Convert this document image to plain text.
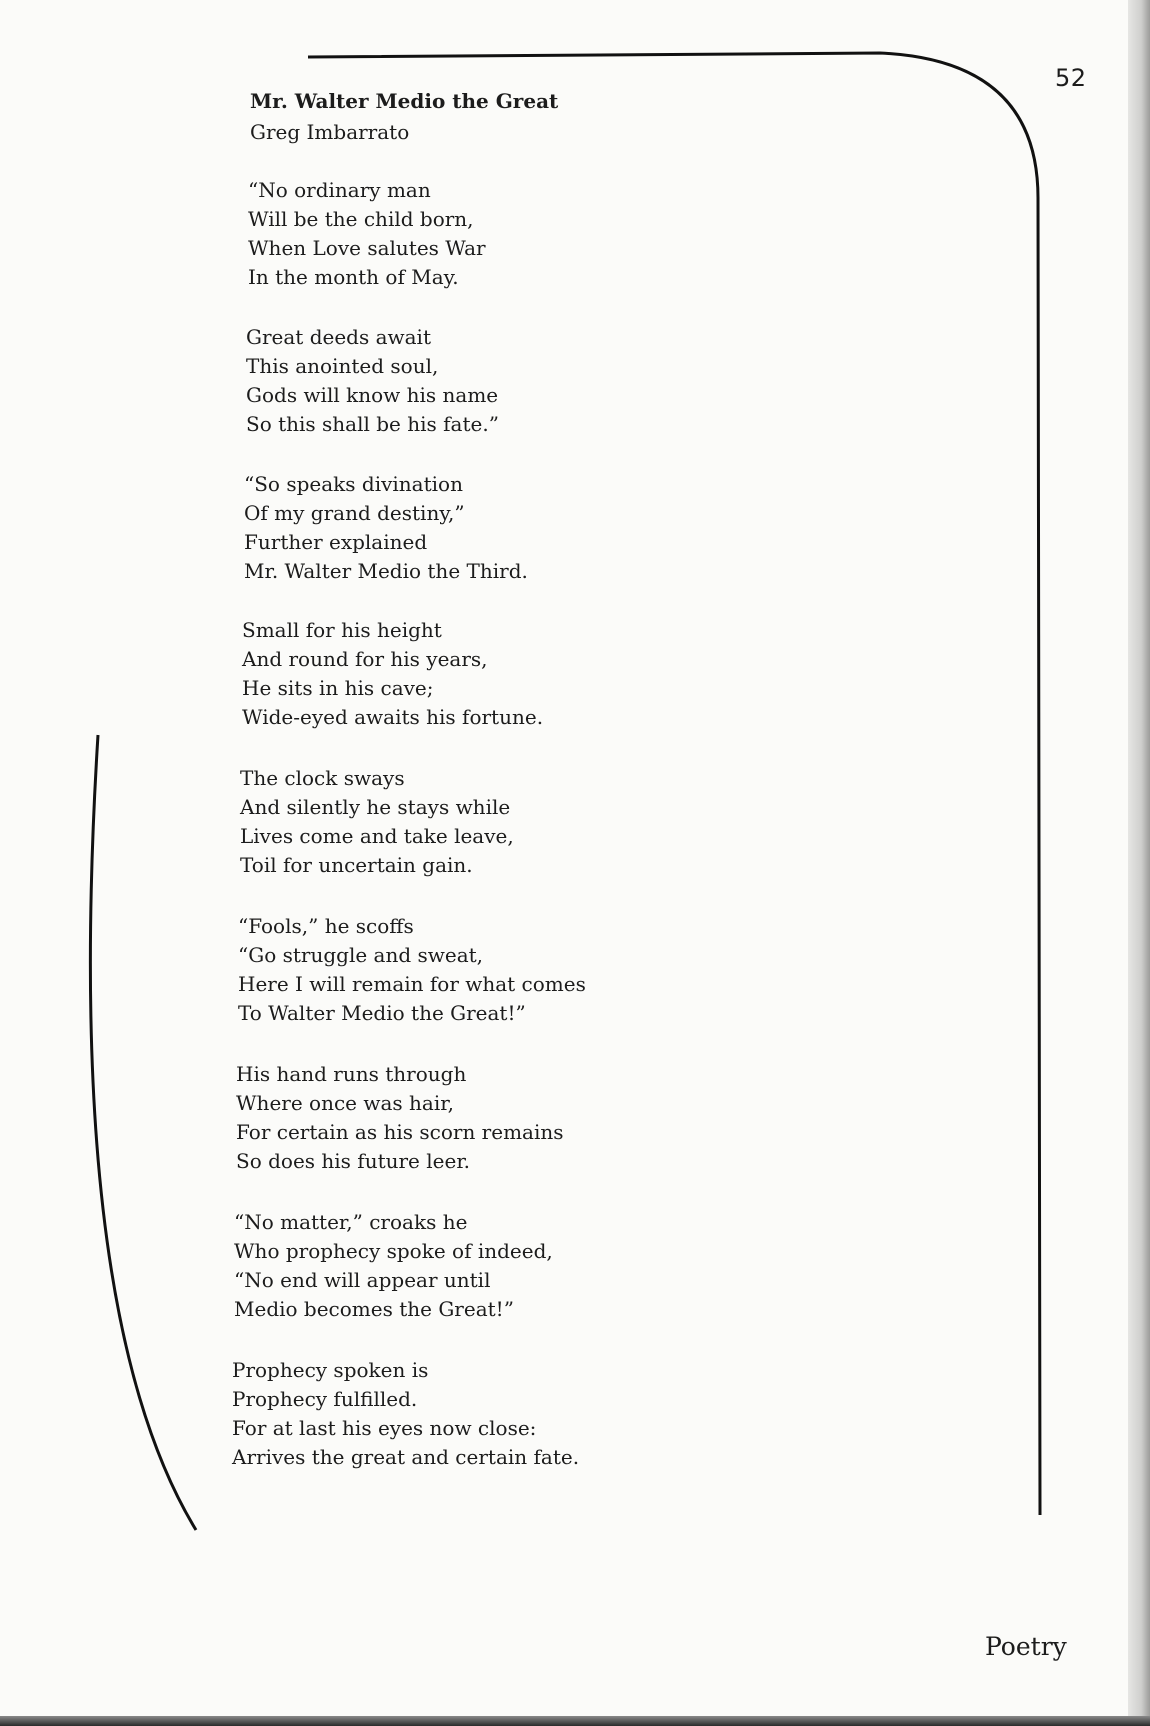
52
Mr. Walter Medio the Great
Greg Imbarrato
“No ordinary man
Will be the child born,
When Love salutes War
In the month of May.
Great deeds await
This anointed soul,
Gods will know his name
So this shall be his fate.”
“So speaks divination
Of my grand destiny,”
Further explained
Mr. Walter Medio the Third.
Small for his height
And round for his years,
He sits in his cave;
Wide-eyed awaits his fortune.
The clock sways
And silently he stays while
Lives come and take leave,
Toil for uncertain gain.
“Fools,” he scoffs
“Go struggle and sweat,
Here I will remain for what comes
To Walter Medio the Great!”
His hand runs through
Where once was hair,
For certain as his scorn remains
So does his future leer.
“No matter,” croaks he
Who prophecy spoke of indeed,
“No end will appear until
Medio becomes the Great!”
Prophecy spoken is
Prophecy fulfilled.
For at last his eyes now close:
Arrives the great and certain fate.
Poetry
